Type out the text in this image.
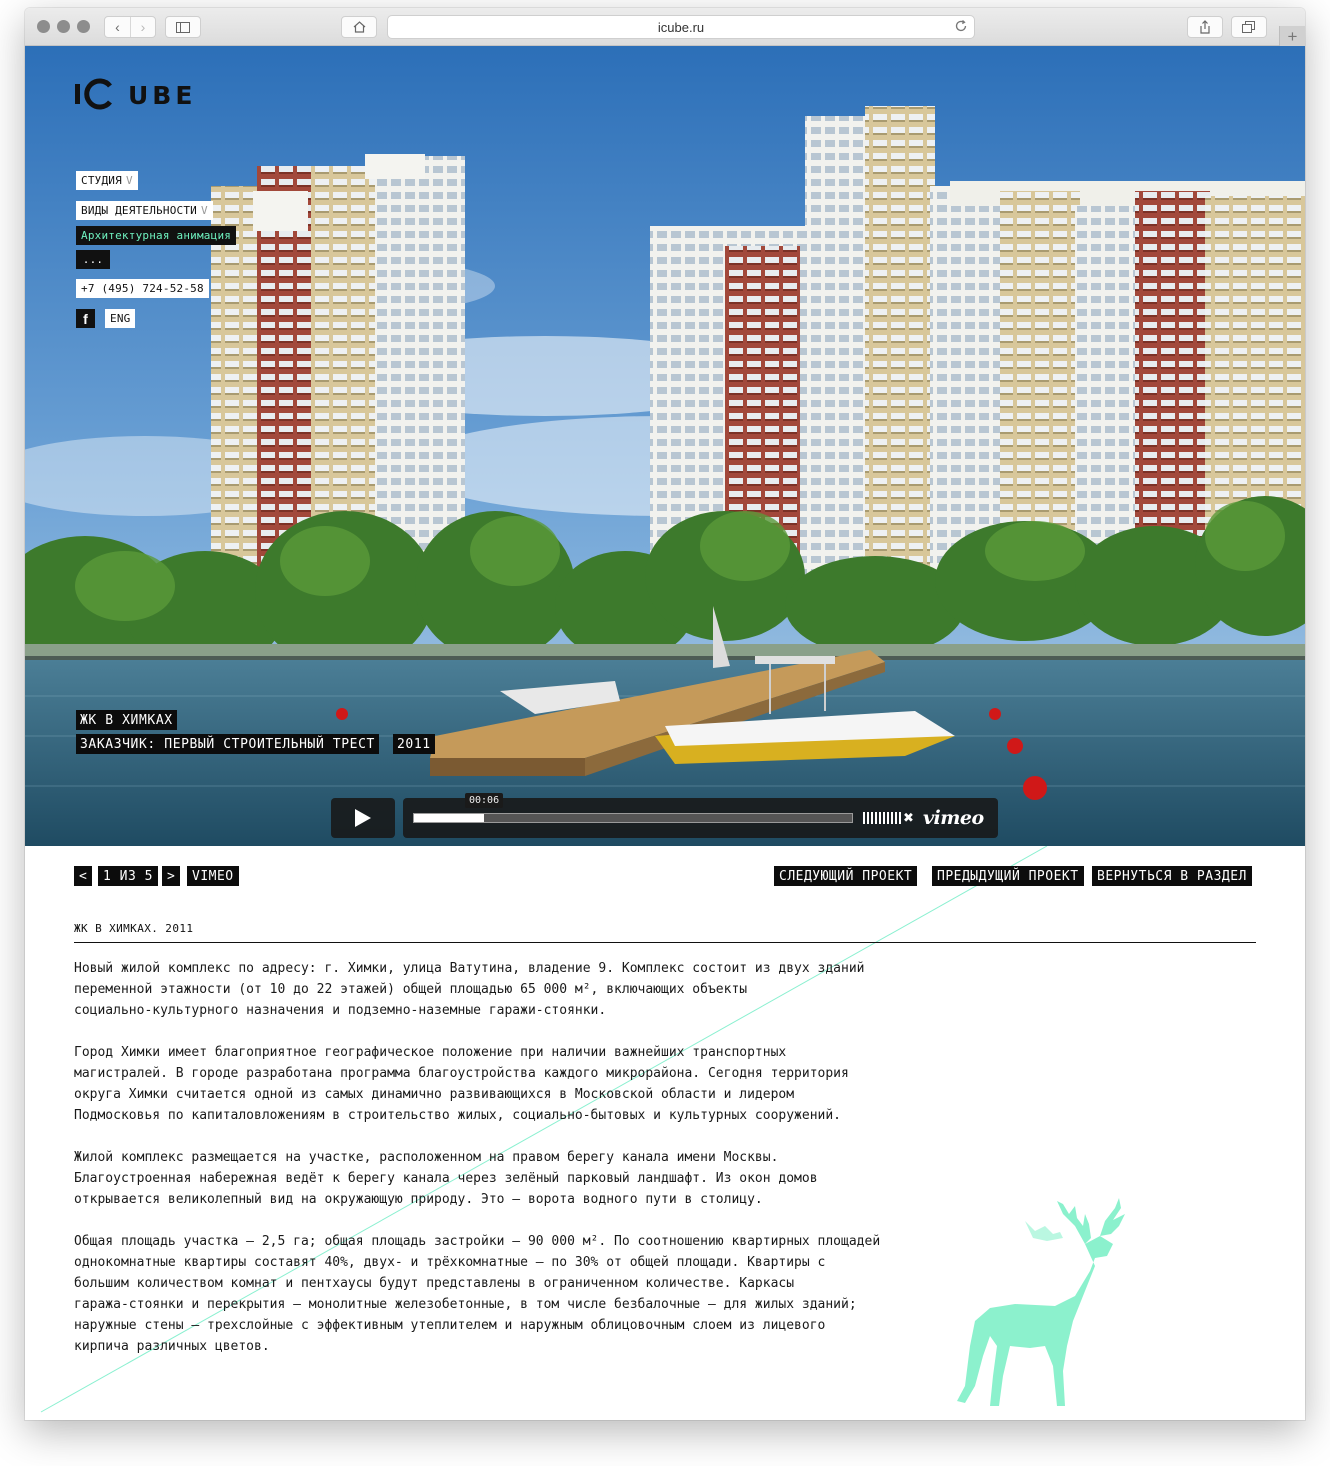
‹	›	icube.ru	+
UBE
СТУДИЯ V
ВИДЫ ДЕЯТЕЛЬНОСТИ V
Архитектурная анимация
...
+7 (495) 724-52-58
f ENG
ЖК В ХИМКАХ
ЗАКАЗЧИК: ПЕРВЫЙ СТРОИТЕЛЬНЫЙ ТРЕСТ 2011
✖ vimeo
00:06
< 1 ИЗ 5 > VIMEO	СЛЕДУЮЩИЙ ПРОЕКТ ПРЕДЫДУЩИЙ ПРОЕКТ ВЕРНУТЬСЯ В РАЗДЕЛ
ЖК В ХИМКАХ. 2011

Новый жилой комплекс по адресу: г. Химки, улица Ватутина, владение 9. Комплекс состоит из двух зданий
переменной этажности (от 10 до 22 этажей) общей площадью 65 000 м², включающих объекты
социально-культурного назначения и подземно-наземные гаражи-стоянки.

Город Химки имеет благоприятное географическое положение при наличии важнейших транспортных
магистралей. В городе разработана программа благоустройства каждого микрорайона. Сегодня территория
округа Химки считается одной из самых динамично развивающихся в Московской области и лидером
Подмосковья по капиталовложениям в строительство жилых, социально-бытовых и культурных сооружений.

Жилой комплекс размещается на участке, расположенном на правом берегу канала имени Москвы.
Благоустроенная набережная ведёт к берегу канала через зелёный парковый ландшафт. Из окон домов
открывается великолепный вид на окружающую природу. Это — ворота водного пути в столицу.

Общая площадь участка — 2,5 га; общая площадь застройки — 90 000 м². По соотношению квартирных площадей
однокомнатные квартиры составят 40%, двух- и трёхкомнатные — по 30% от общей площади. Квартиры с
большим количеством комнат и пентхаусы будут представлены в ограниченном количестве. Каркасы
гаража-стоянки и перекрытия — монолитные железобетонные, в том числе безбалочные — для жилых зданий;
наружные стены — трехслойные с эффективным утеплителем и наружным облицовочным слоем из лицевого
кирпича различных цветов.
